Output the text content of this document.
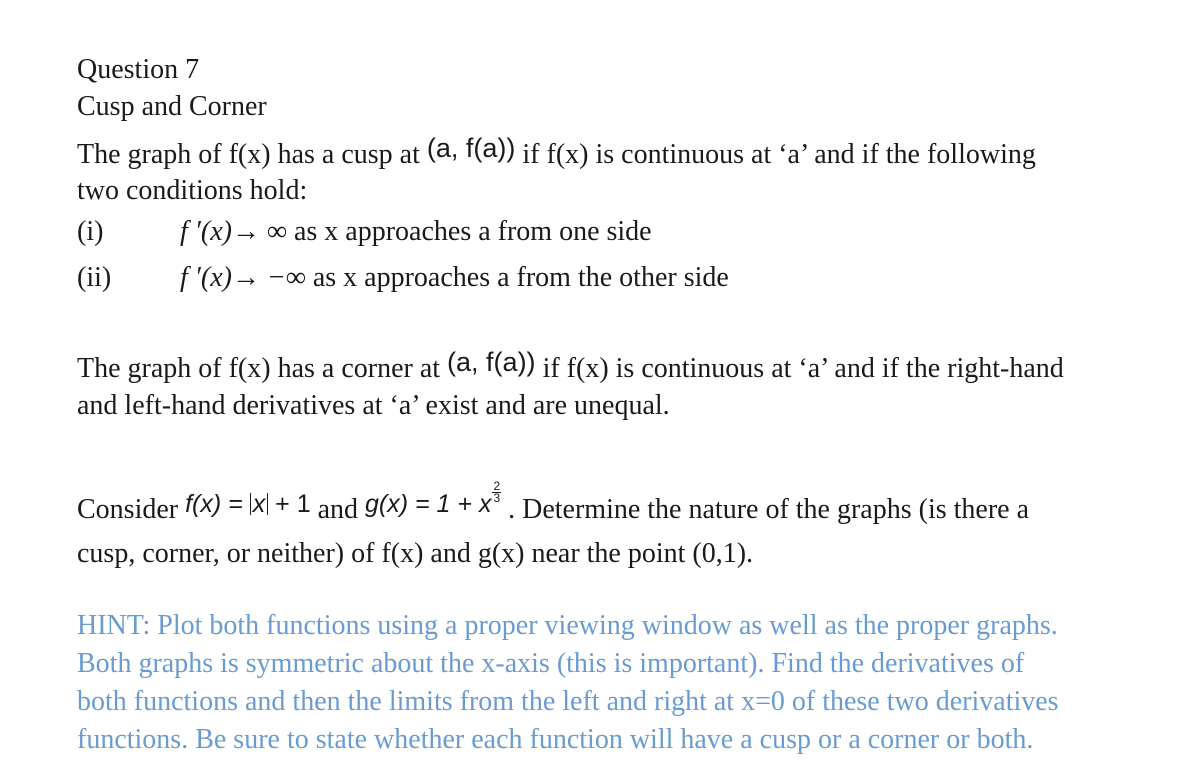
Question 7
Cusp and Corner
The graph of f(x) has a cusp at (a, f(a)) if f(x) is continuous at ‘a’ and if the following
two conditions hold:
(i)	f ′(x)→ ∞ as x approaches a from one side
(ii) f ′(x)→ −∞ as x approaches a from the other side
The graph of f(x) has a corner at (a, f(a)) if f(x) is continuous at ‘a’ and if the right-hand
and left-hand derivatives at ‘a’ exist and are unequal.
Consider f(x) = x + 1 and g(x) = 1 + x $\frac{2}{3}$
. Determine the nature of the graphs (is there a
cusp, corner, or neither) of f(x) and g(x) near the point (0,1).
HINT: Plot both functions using a proper viewing window as well as the proper graphs.
Both graphs is symmetric about the x-axis (this is important). Find the derivatives of
both functions and then the limits from the left and right at x=0 of these two derivatives
functions. Be sure to state whether each function will have a cusp or a corner or both.
